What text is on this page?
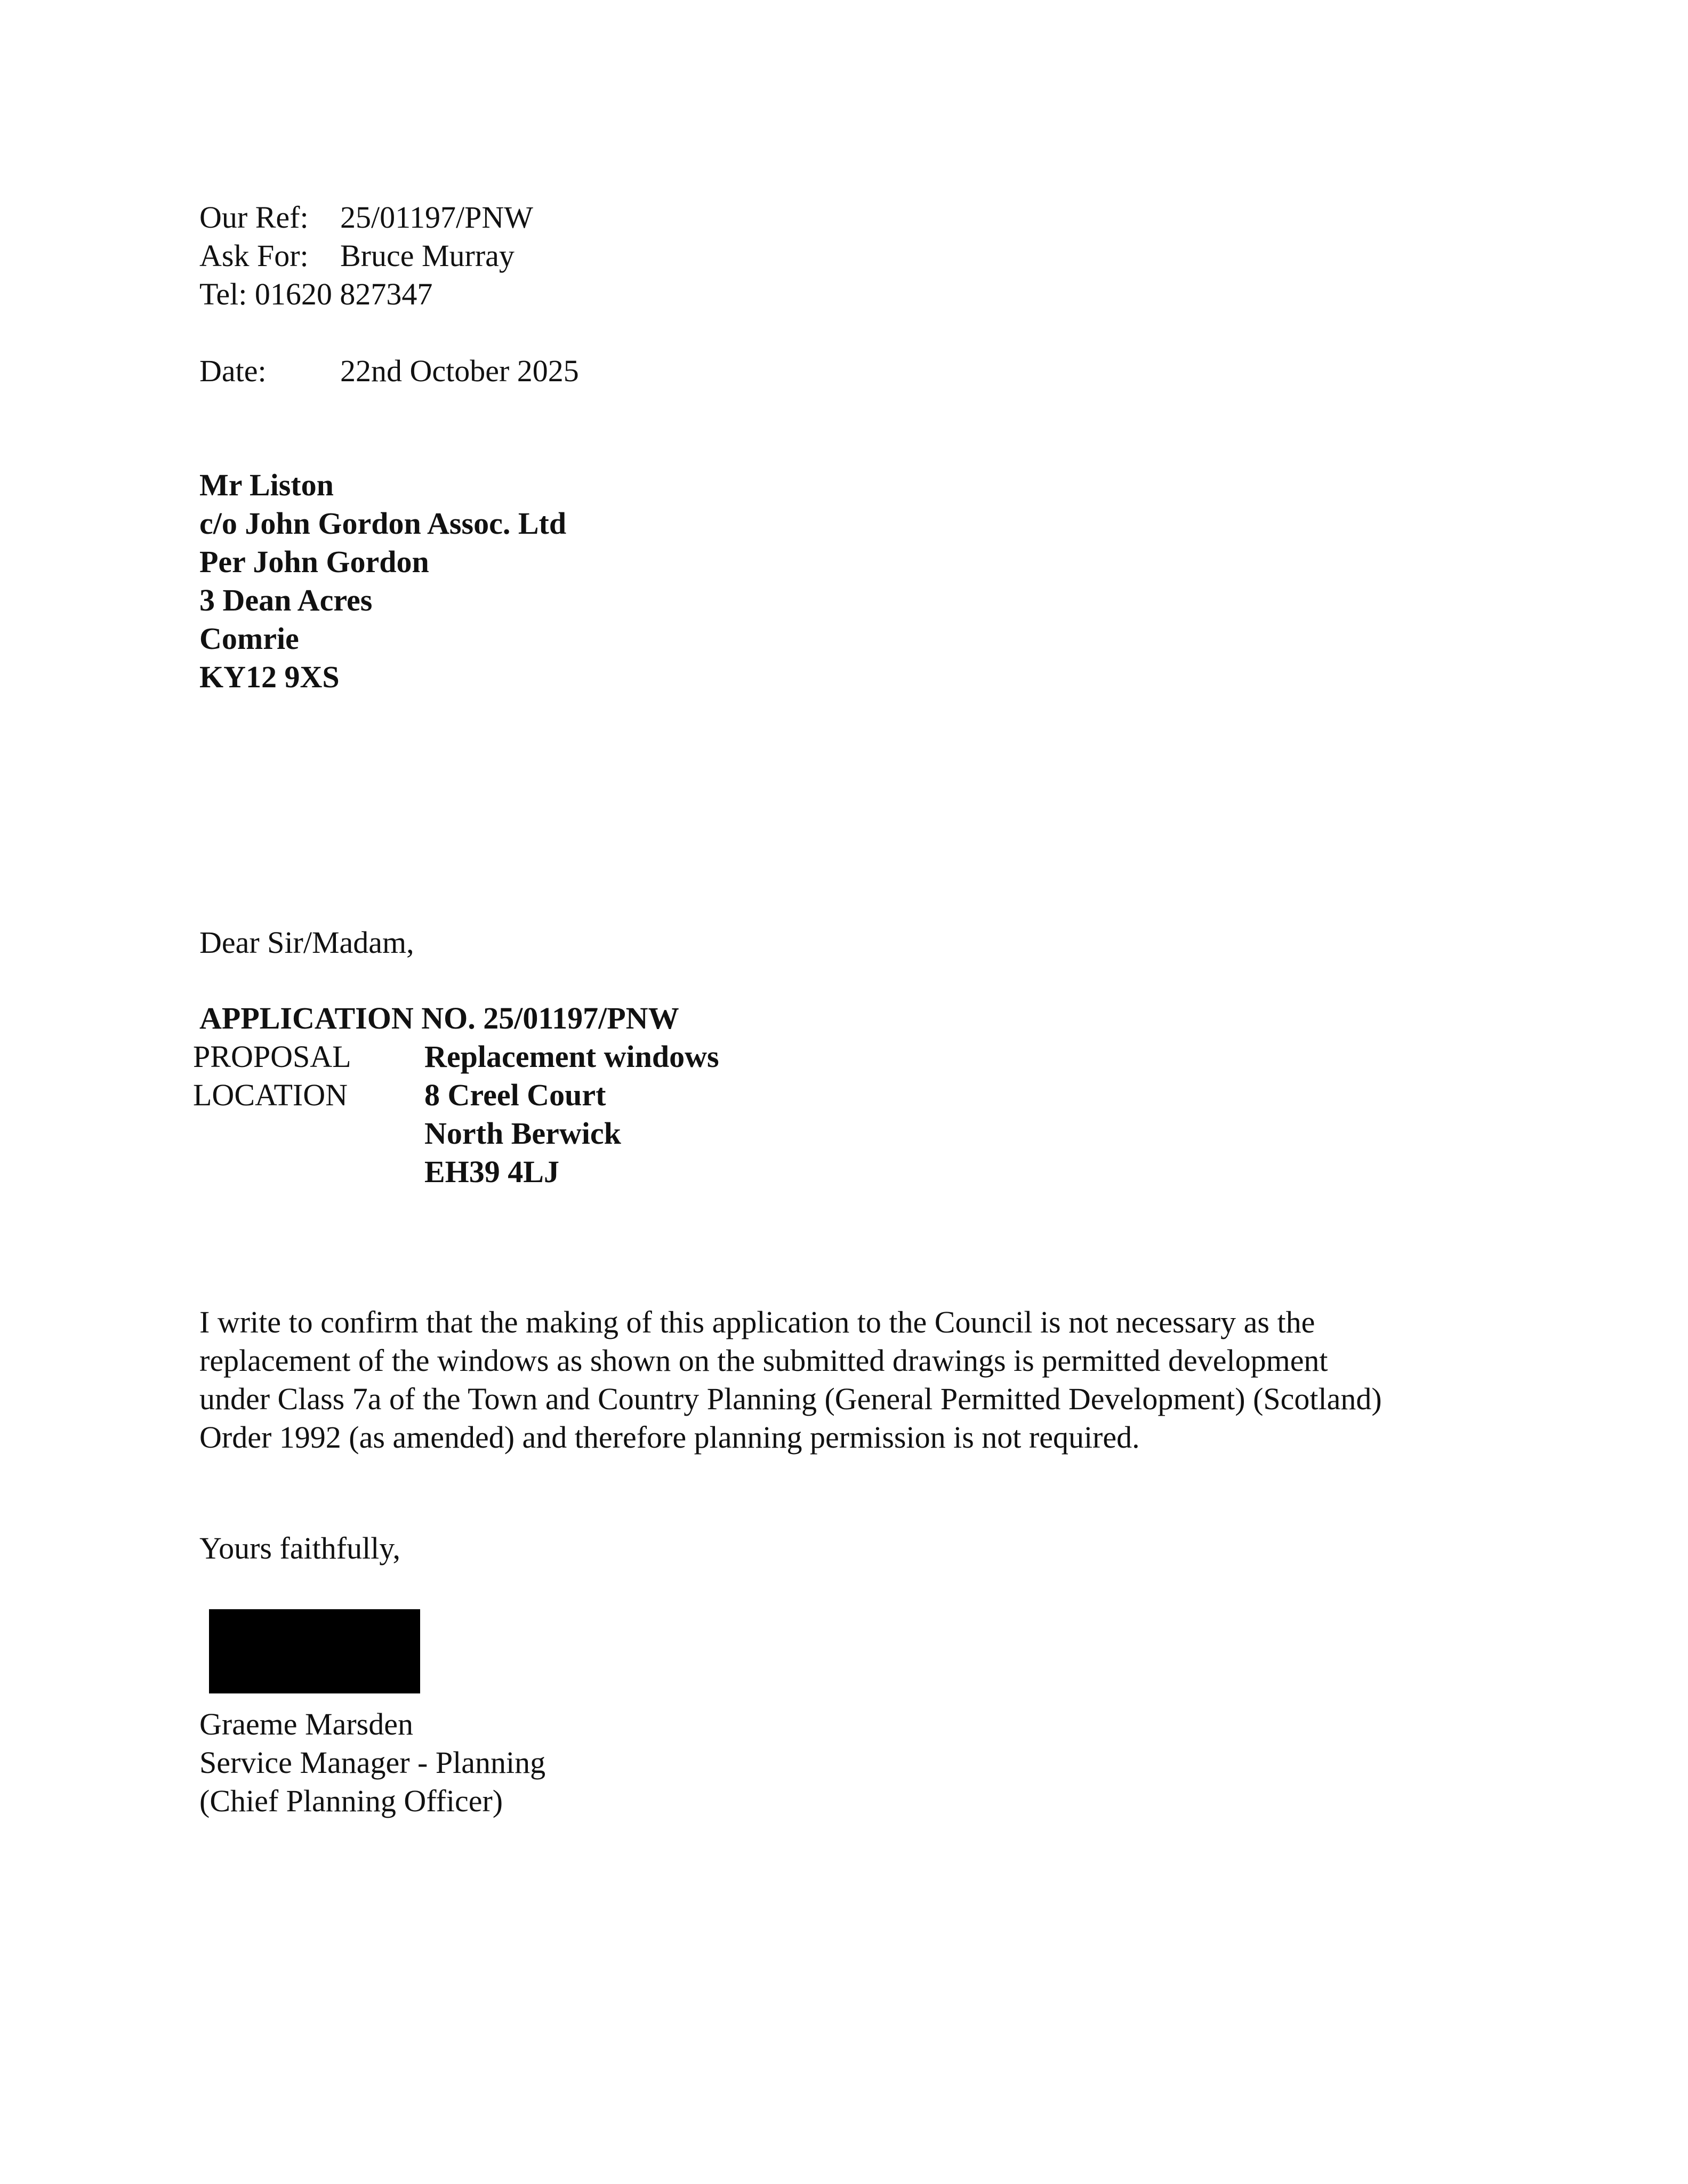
Our Ref: 25/01197/PNW
Ask For: Bruce Murray
Tel: 01620 827347
Date: 22nd October 2025
Mr Liston
c/o John Gordon Assoc. Ltd
Per John Gordon
3 Dean Acres
Comrie
KY12 9XS
Dear Sir/Madam,
APPLICATION NO. 25/01197/PNW
PROPOSAL Replacement windows
LOCATION 8 Creel Court
North Berwick
EH39 4LJ
I write to confirm that the making of this application to the Council is not necessary as the
replacement of the windows as shown on the submitted drawings is permitted development
under Class 7a of the Town and Country Planning (General Permitted Development) (Scotland)
Order 1992 (as amended) and therefore planning permission is not required.
Yours faithfully,
Graeme Marsden
Service Manager - Planning
(Chief Planning Officer)
